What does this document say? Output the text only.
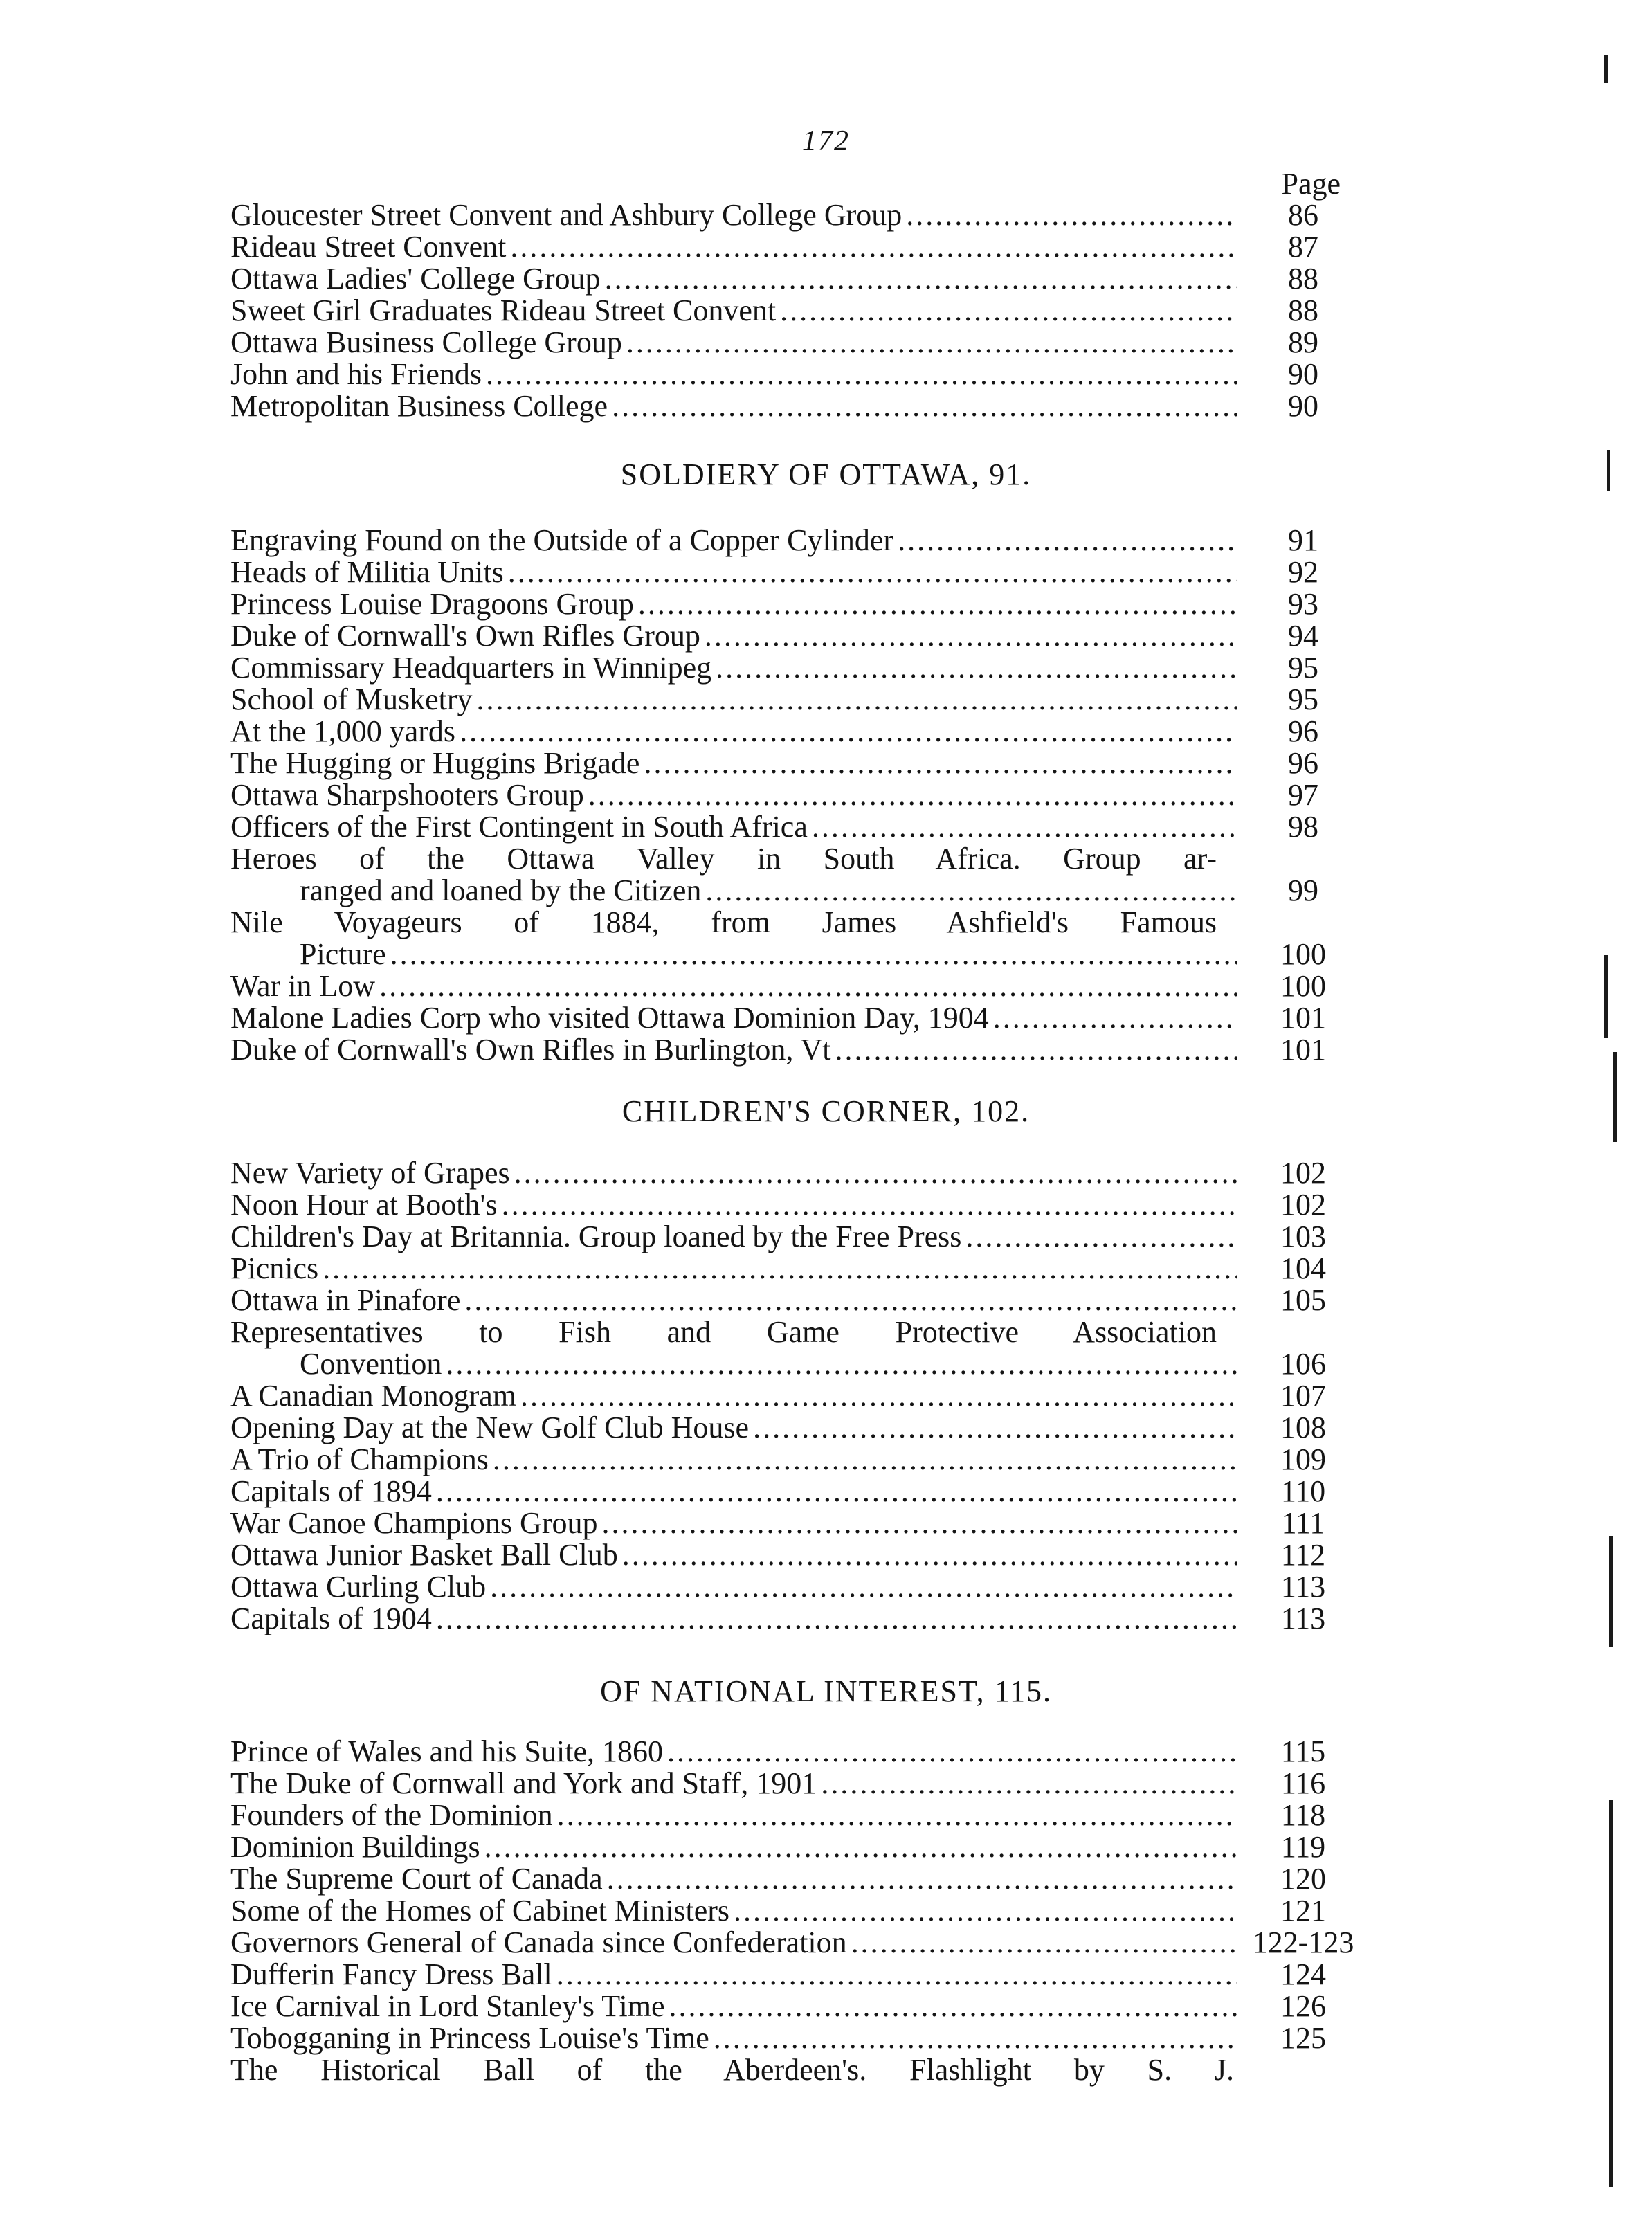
172
Page
Gloucester Street Convent and Ashbury College Group .....	86
Rideau Street Convent .....	87
Ottawa Ladies' College Group .....	88
Sweet Girl Graduates Rideau Street Convent .....	88
Ottawa Business College Group .....	89
John and his Friends .....	90
Metropolitan Business College .....	90
SOLDIERY OF OTTAWA, 91.
Engraving Found on the Outside of a Copper Cylinder .....	91
Heads of Militia Units .....	92
Princess Louise Dragoons Group .....	93
Duke of Cornwall's Own Rifles Group .....	94
Commissary Headquarters in Winnipeg .....	95
School of Musketry .....	95
At the 1,000 yards .....	96
The Hugging or Huggins Brigade .....	96
Ottawa Sharpshooters Group .....	97
Officers of the First Contingent in South Africa .....	98
Heroes of the Ottawa Valley in South Africa. Group ar-
ranged and loaned by the Citizen .....	99
Nile Voyageurs of 1884, from James Ashfield's Famous
Picture .....	100
War in Low .....	100
Malone Ladies Corp who visited Ottawa Dominion Day, 1904 .....	101
Duke of Cornwall's Own Rifles in Burlington, Vt .....	101
CHILDREN'S CORNER, 102.
New Variety of Grapes .....	102
Noon Hour at Booth's .....	102
Children's Day at Britannia. Group loaned by the Free Press .....	103
Picnics .....	104
Ottawa in Pinafore .....	105
Representatives to Fish and Game Protective Association
Convention .....	106
A Canadian Monogram .....	107
Opening Day at the New Golf Club House .....	108
A Trio of Champions .....	109
Capitals of 1894 .....	110
War Canoe Champions Group .....	111
Ottawa Junior Basket Ball Club .....	112
Ottawa Curling Club .....	113
Capitals of 1904 .....	113
OF NATIONAL INTEREST, 115.
Prince of Wales and his Suite, 1860 .....	115
The Duke of Cornwall and York and Staff, 1901 .....	116
Founders of the Dominion .....	118
Dominion Buildings .....	119
The Supreme Court of Canada .....	120
Some of the Homes of Cabinet Ministers .....	121
Governors General of Canada since Confederation .....	122-123
Dufferin Fancy Dress Ball .....	124
Ice Carnival in Lord Stanley's Time .....	126
Tobogganing in Princess Louise's Time .....	125
The Historical Ball of the Aberdeen's. Flashlight by S. J.
